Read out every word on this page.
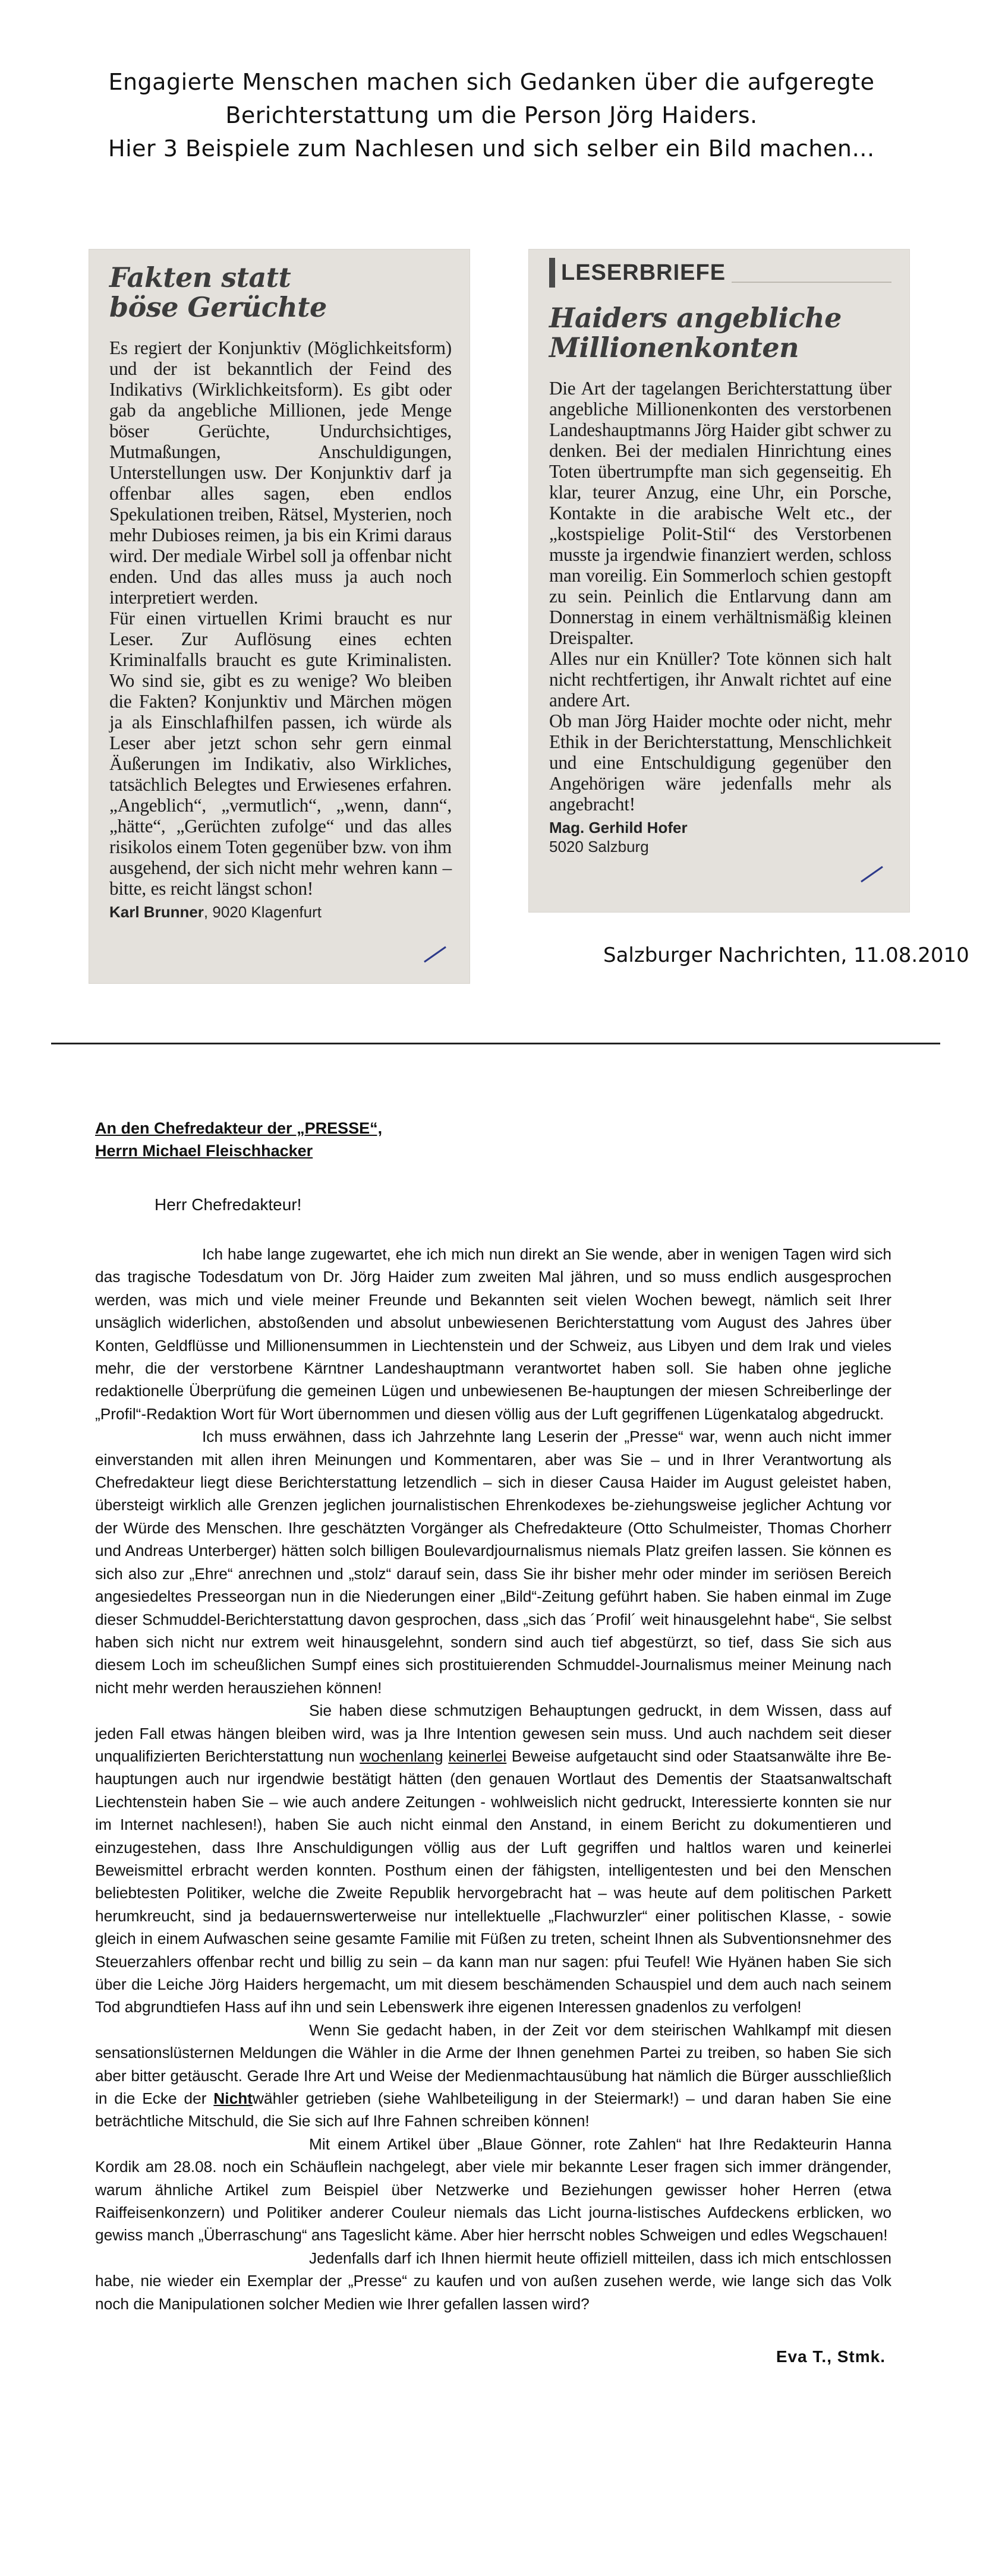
Engagierte Menschen machen sich Gedanken über die aufgeregte
Berichterstattung um die Person Jörg Haiders.
Hier 3 Beispiele zum Nachlesen und sich selber ein Bild machen…
Fakten statt
böse Gerüchte

Es regiert der Konjunktiv (Möglichkeitsform) und der ist bekanntlich der Feind des Indikativs (Wirklichkeitsform). Es gibt oder gab da angebliche Millionen, jede Menge böser Gerüchte, Undurchsichtiges, Mutmaßungen, Anschuldigungen, Unterstellungen usw. Der Konjunktiv darf ja offenbar alles sagen, eben endlos Spekulationen treiben, Rätsel, Mysterien, noch mehr Dubioses reimen, ja bis ein Krimi daraus wird. Der mediale Wirbel soll ja offenbar nicht enden. Und das alles muss ja auch noch interpretiert werden.

Für einen virtuellen Krimi braucht es nur Leser. Zur Auflösung eines echten Kriminalfalls braucht es gute Kriminalisten. Wo sind sie, gibt es zu wenige? Wo bleiben die Fakten? Konjunktiv und Märchen mögen ja als Einschlafhilfen passen, ich würde als Leser aber jetzt schon sehr gern einmal Äußerungen im Indikativ, also Wirkliches, tatsächlich Belegtes und Erwiesenes erfahren. „Angeblich“, „vermutlich“, „wenn, dann“, „hätte“, „Gerüchten zufolge“ und das alles risikolos einem Toten gegenüber bzw. von ihm ausgehend, der sich nicht mehr wehren kann – bitte, es reicht längst schon!

Karl Brunner, 9020 Klagenfurt
LESERBRIEFE
Haiders angebliche
Millionenkonten

Die Art der tagelangen Berichterstattung über angebliche Millionenkonten des verstorbenen Landeshauptmanns Jörg Haider gibt schwer zu denken. Bei der medialen Hinrichtung eines Toten übertrumpfte man sich gegenseitig. Eh klar, teurer Anzug, eine Uhr, ein Porsche, Kontakte in die arabische Welt etc., der „kostspielige Polit-Stil“ des Verstorbenen musste ja irgendwie finanziert werden, schloss man voreilig. Ein Sommerloch schien gestopft zu sein. Peinlich die Entlarvung dann am Donnerstag in einem verhältnismäßig kleinen Dreispalter.

Alles nur ein Knüller? Tote können sich halt nicht rechtfertigen, ihr Anwalt richtet auf eine andere Art.

Ob man Jörg Haider mochte oder nicht, mehr Ethik in der Berichterstattung, Menschlichkeit und eine Entschuldigung gegenüber den Angehörigen wäre jedenfalls mehr als angebracht!

Mag. Gerhild Hofer
5020 Salzburg
Salzburger Nachrichten, 11.08.2010
An den Chefredakteur der „PRESSE“,
Herrn Michael Fleischhacker
Herr Chefredakteur!

Ich habe lange zugewartet, ehe ich mich nun direkt an Sie wende, aber in wenigen Tagen wird sich das tragische Todesdatum von Dr. Jörg Haider zum zweiten Mal jähren, und so muss endlich ausgesprochen werden, was mich und viele meiner Freunde und Bekannten seit vielen Wochen bewegt, nämlich seit Ihrer unsäglich widerlichen, abstoßenden und absolut unbewiesenen Berichterstattung vom August des Jahres über Konten, Geldflüsse und Millionensummen in Liechtenstein und der Schweiz, aus Libyen und dem Irak und vieles mehr, die der verstorbene Kärntner Landeshauptmann verantwortet haben soll. Sie haben ohne jegliche redaktionelle Überprüfung die gemeinen Lügen und unbewiesenen Be-hauptungen der miesen Schreiberlinge der „Profil“-Redaktion Wort für Wort übernommen und diesen völlig aus der Luft gegriffenen Lügenkatalog abgedruckt.

Ich muss erwähnen, dass ich Jahrzehnte lang Leserin der „Presse“ war, wenn auch nicht immer einverstanden mit allen ihren Meinungen und Kommentaren, aber was Sie – und in Ihrer Verantwortung als Chefredakteur liegt diese Berichterstattung letzendlich – sich in dieser Causa Haider im August geleistet haben, übersteigt wirklich alle Grenzen jeglichen journalistischen Ehrenkodexes be-ziehungsweise jeglicher Achtung vor der Würde des Menschen. Ihre geschätzten Vorgänger als Chefredakteure (Otto Schulmeister, Thomas Chorherr und Andreas Unterberger) hätten solch billigen Boulevardjournalismus niemals Platz greifen lassen. Sie können es sich also zur „Ehre“ anrechnen und „stolz“ darauf sein, dass Sie ihr bisher mehr oder minder im seriösen Bereich angesiedeltes Presseorgan nun in die Niederungen einer „Bild“-Zeitung geführt haben. Sie haben einmal im Zuge dieser Schmuddel-Berichterstattung davon gesprochen, dass „sich das ´Profil´ weit hinausgelehnt habe“, Sie selbst haben sich nicht nur extrem weit hinausgelehnt, sondern sind auch tief abgestürzt, so tief, dass Sie sich aus diesem Loch im scheußlichen Sumpf eines sich prostituierenden Schmuddel-Journalismus meiner Meinung nach nicht mehr werden herausziehen können!

Sie haben diese schmutzigen Behauptungen gedruckt, in dem Wissen, dass auf jeden Fall etwas hängen bleiben wird, was ja Ihre Intention gewesen sein muss. Und auch nachdem seit dieser unqualifizierten Berichterstattung nun wochenlang keinerlei Beweise aufgetaucht sind oder Staatsanwälte ihre Be-hauptungen auch nur irgendwie bestätigt hätten (den genauen Wortlaut des Dementis der Staatsanwaltschaft Liechtenstein haben Sie – wie auch andere Zeitungen - wohlweislich nicht gedruckt, Interessierte konnten sie nur im Internet nachlesen!), haben Sie auch nicht einmal den Anstand, in einem Bericht zu dokumentieren und einzugestehen, dass Ihre Anschuldigungen völlig aus der Luft gegriffen und haltlos waren und keinerlei Beweismittel erbracht werden konnten. Posthum einen der fähigsten, intelligentesten und bei den Menschen beliebtesten Politiker, welche die Zweite Republik hervorgebracht hat – was heute auf dem politischen Parkett herumkreucht, sind ja bedauernswerterweise nur intellektuelle „Flachwurzler“ einer politischen Klasse, - sowie gleich in einem Aufwaschen seine gesamte Familie mit Füßen zu treten, scheint Ihnen als Subventionsnehmer des Steuerzahlers offenbar recht und billig zu sein – da kann man nur sagen: pfui Teufel! Wie Hyänen haben Sie sich über die Leiche Jörg Haiders hergemacht, um mit diesem beschämenden Schauspiel und dem auch nach seinem Tod abgrundtiefen Hass auf ihn und sein Lebenswerk ihre eigenen Interessen gnadenlos zu verfolgen!

Wenn Sie gedacht haben, in der Zeit vor dem steirischen Wahlkampf mit diesen sensationslüsternen Meldungen die Wähler in die Arme der Ihnen genehmen Partei zu treiben, so haben Sie sich aber bitter getäuscht. Gerade Ihre Art und Weise der Medienmachtausübung hat nämlich die Bürger ausschließlich in die Ecke der Nichtwähler getrieben (siehe Wahlbeteiligung in der Steiermark!) – und daran haben Sie eine beträchtliche Mitschuld, die Sie sich auf Ihre Fahnen schreiben können!

Mit einem Artikel über „Blaue Gönner, rote Zahlen“ hat Ihre Redakteurin Hanna Kordik am 28.08. noch ein Schäuflein nachgelegt, aber viele mir bekannte Leser fragen sich immer drängender, warum ähnliche Artikel zum Beispiel über Netzwerke und Beziehungen gewisser hoher Herren (etwa Raiffeisenkonzern) und Politiker anderer Couleur niemals das Licht journa-listisches Aufdeckens erblicken, wo gewiss manch „Überraschung“ ans Tageslicht käme. Aber hier herrscht nobles Schweigen und edles Wegschauen!

Jedenfalls darf ich Ihnen hiermit heute offiziell mitteilen, dass ich mich entschlossen habe, nie wieder ein Exemplar der „Presse“ zu kaufen und von außen zusehen werde, wie lange sich das Volk noch die Manipulationen solcher Medien wie Ihrer gefallen lassen wird?

Eva T., Stmk.
